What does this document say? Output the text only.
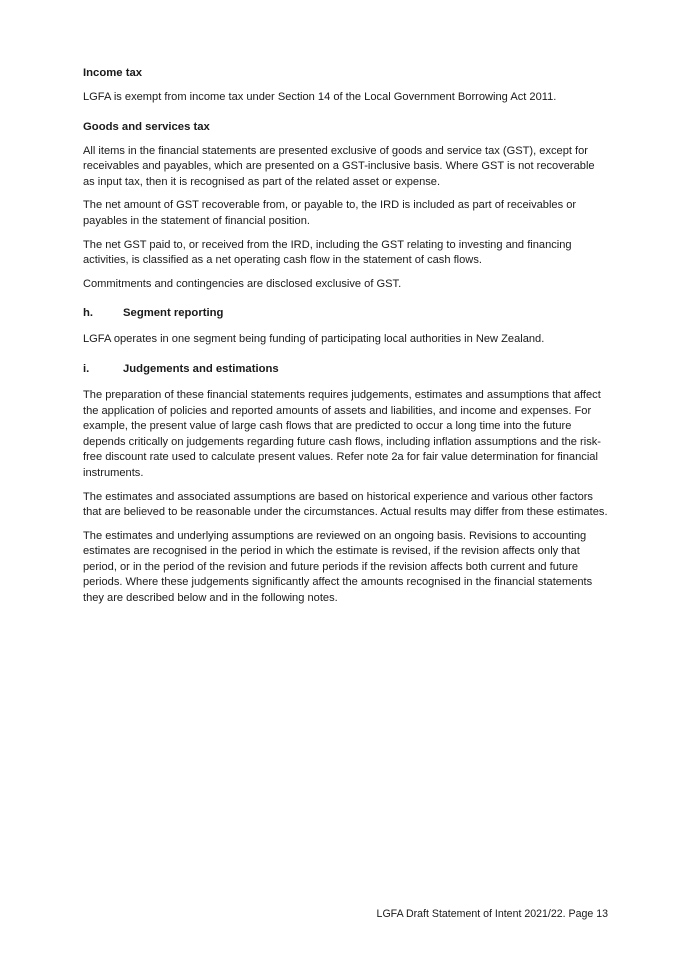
Income tax

LGFA is exempt from income tax under Section 14 of the Local Government Borrowing Act 2011.

Goods and services tax

All items in the financial statements are presented exclusive of goods and service tax (GST), except for receivables and payables, which are presented on a GST-inclusive basis. Where GST is not recoverable as input tax, then it is recognised as part of the related asset or expense.

The net amount of GST recoverable from, or payable to, the IRD is included as part of receivables or payables in the statement of financial position.

The net GST paid to, or received from the IRD, including the GST relating to investing and financing activities, is classified as a net operating cash flow in the statement of cash flows.

Commitments and contingencies are disclosed exclusive of GST.

h.	Segment reporting

LGFA operates in one segment being funding of participating local authorities in New Zealand.

i.	Judgements and estimations

The preparation of these financial statements requires judgements, estimates and assumptions that affect the application of policies and reported amounts of assets and liabilities, and income and expenses. For example, the present value of large cash flows that are predicted to occur a long time into the future depends critically on judgements regarding future cash flows, including inflation assumptions and the risk-free discount rate used to calculate present values. Refer note 2a for fair value determination for financial instruments.

The estimates and associated assumptions are based on historical experience and various other factors that are believed to be reasonable under the circumstances. Actual results may differ from these estimates.

The estimates and underlying assumptions are reviewed on an ongoing basis. Revisions to accounting estimates are recognised in the period in which the estimate is revised, if the revision affects only that period, or in the period of the revision and future periods if the revision affects both current and future periods. Where these judgements significantly affect the amounts recognised in the financial statements they are described below and in the following notes.

LGFA Draft Statement of Intent 2021/22. Page 13
